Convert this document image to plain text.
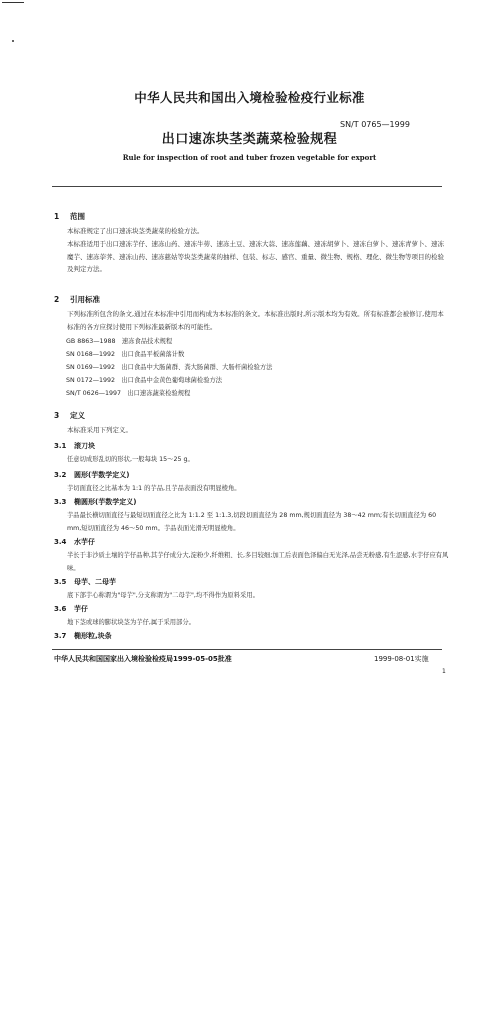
中华人民共和国出入境检验检疫行业标准
SN/T 0765—1999
出口速冻块茎类蔬菜检验规程
Rule for inspection of root and tuber frozen vegetable for export
1 范围

本标准规定了出口速冻块茎类蔬菜的检验方法。

本标准适用于出口速冻芋仔、速冻山药、速冻牛蒡、速冻土豆、速冻大蒜、速冻莲藕、速冻胡萝卜、速冻白萝卜、速冻青萝卜、速冻魔芋、速冻荸荠、速冻山药、速冻慈姑等块茎类蔬菜的抽样、包装、标志、感官、重量、微生物、规格、理化、微生物等项目的检验及判定方法。

2 引用标准

下列标准所包含的条文,通过在本标准中引用而构成为本标准的条文。本标准出版时,所示版本均为有效。所有标准都会被修订,使用本标准的各方应探讨使用下列标准最新版本的可能性。

GB 8863—1988　速冻食品技术规程
SN 0168—1992　出口食品平板菌落计数
SN 0169—1992　出口食品中大肠菌群、粪大肠菌群、大肠杆菌检验方法
SN 0172—1992　出口食品中金黄色葡萄球菌检验方法
SN/T 0626—1997　出口速冻蔬菜检验规程
3 定义

本标准采用下列定义。

3.1 滚刀块

任意切成形乱切的形状,一般每块 15～25 g。

3.2 圆形(芋数学定义)

芋切面直径之比基本为 1:1 的芋品,且芋品表面没有明显棱角。

3.3 椭圆形(芋数学定义)

芋品最长横切面直径与最短切面直径之比为 1:1.2 至 1:1.3,切段切面直径为 28 mm,规切面直径为 38～42 mm;有长切面直径为 60 mm,短切面直径为 46～50 mm。芋品表面光滑无明显棱角。

3.4 水芋仔

半长于非沙质土壤的芋仔品种,其芋仔成分大,淀粉少,纤维粗、长,多目较细;加工后表面色泽偏白无光泽,品尝无粉感,有生涩感,水芋仔应有风味。

3.5 母芋、二母芋

底下部芋心称谓为"母芋",分支称谓为"二母芋",均不得作为原料采用。

3.6 芋仔

地下茎或球的膨状块茎为芋仔,属于采用部分。

3.7 椭形粒,块条
中华人民共和国国家出入境检验检疫局1999-05-05批准	1999-08-01实施
1
